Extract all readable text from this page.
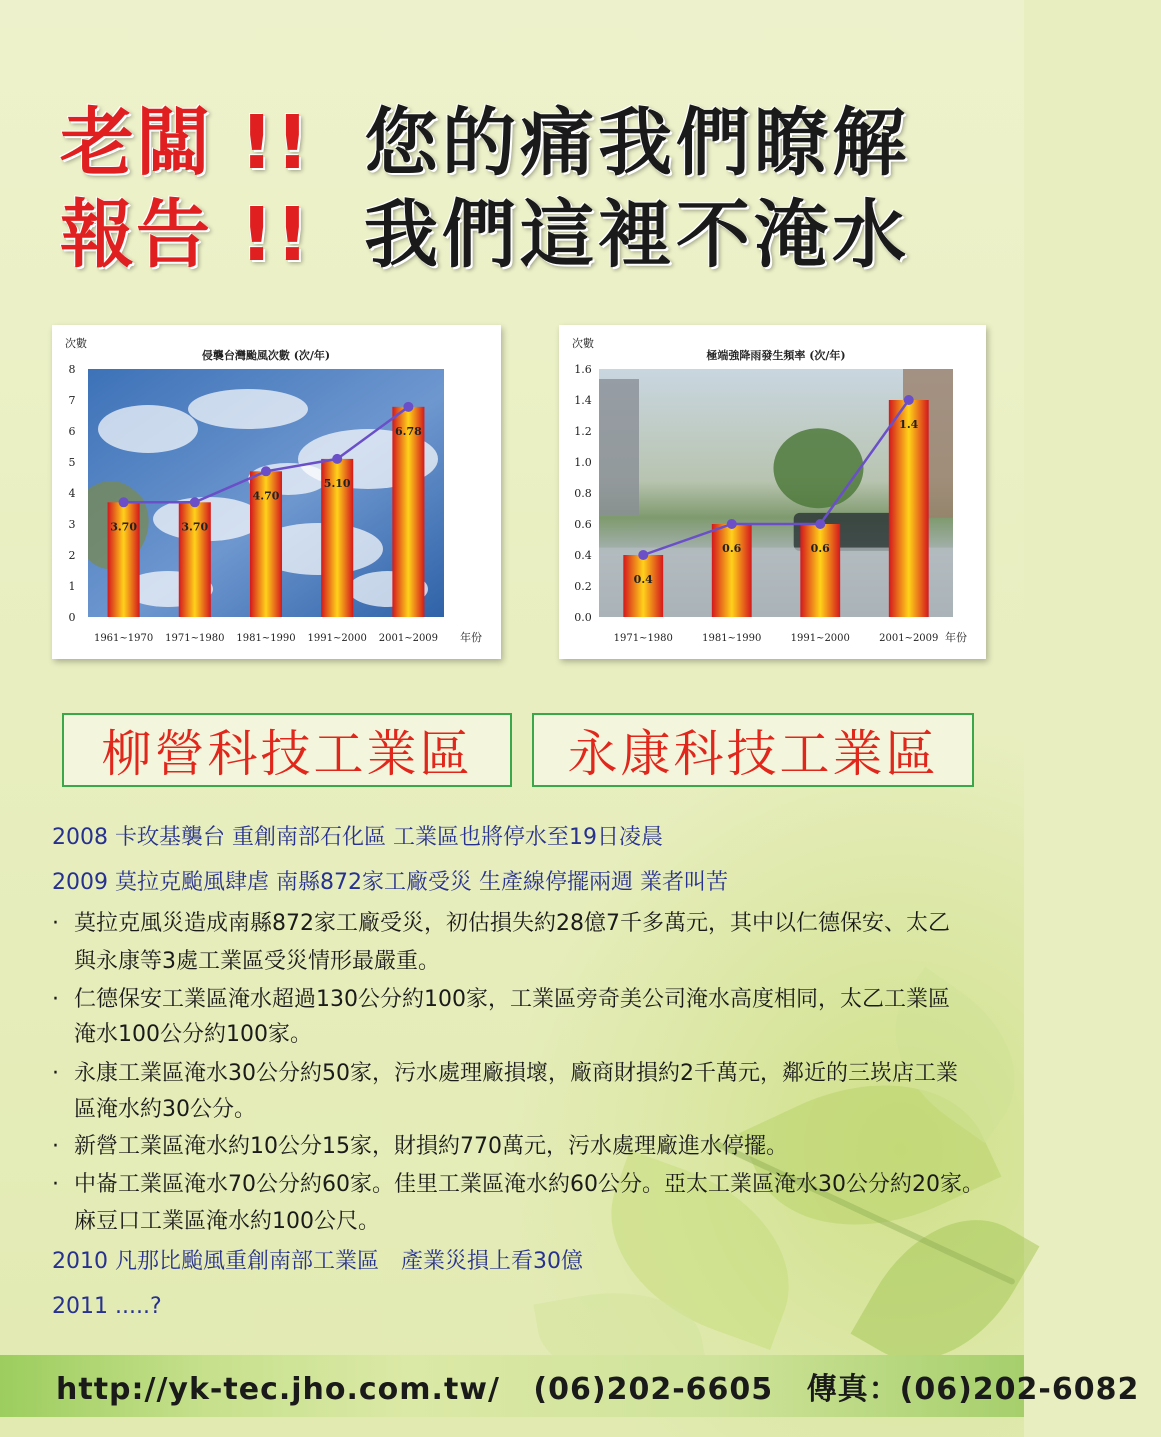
老闆 !! 您的痛我們瞭解
報告 !! 我們這裡不淹水
侵襲台灣颱風次數 (次/年)
次數
0
1
2
3
4
5
6
7
8
3.70
1961~1970
3.70
1971~1980
4.70
1981~1990
5.10
1991~2000
6.78
2001~2009 年份
極端強降雨發生頻率 (次/年)
次數
0.0
0.2
0.4
0.6
0.8
1.0
1.2
1.4
1.6
0.4
1971~1980
0.6
1981~1990
0.6
1991~2000
1.4
2001~2009 年份
柳營科技工業區	永康科技工業區
2008 卡玫基襲台 重創南部石化區 工業區也將停水至19日凌晨
2009 莫拉克颱風肆虐 南縣872家工廠受災 生產線停擺兩週 業者叫苦
· 莫拉克風災造成南縣872家工廠受災，初估損失約28億7千多萬元，其中以仁德保安、太乙
與永康等3處工業區受災情形最嚴重。
· 仁德保安工業區淹水超過130公分約100家，工業區旁奇美公司淹水高度相同，太乙工業區
淹水100公分約100家。
· 永康工業區淹水30公分約50家，污水處理廠損壞，廠商財損約2千萬元，鄰近的三崁店工業
區淹水約30公分。
· 新營工業區淹水約10公分15家，財損約770萬元，污水處理廠進水停擺。
· 中崙工業區淹水70公分約60家。佳里工業區淹水約60公分。亞太工業區淹水30公分約20家。
麻豆口工業區淹水約100公尺。
2010 凡那比颱風重創南部工業區　產業災損上看30億
2011 .....?
http://yk-tec.jho.com.tw/ (06)202-6605 傳真：(06)202-6082
